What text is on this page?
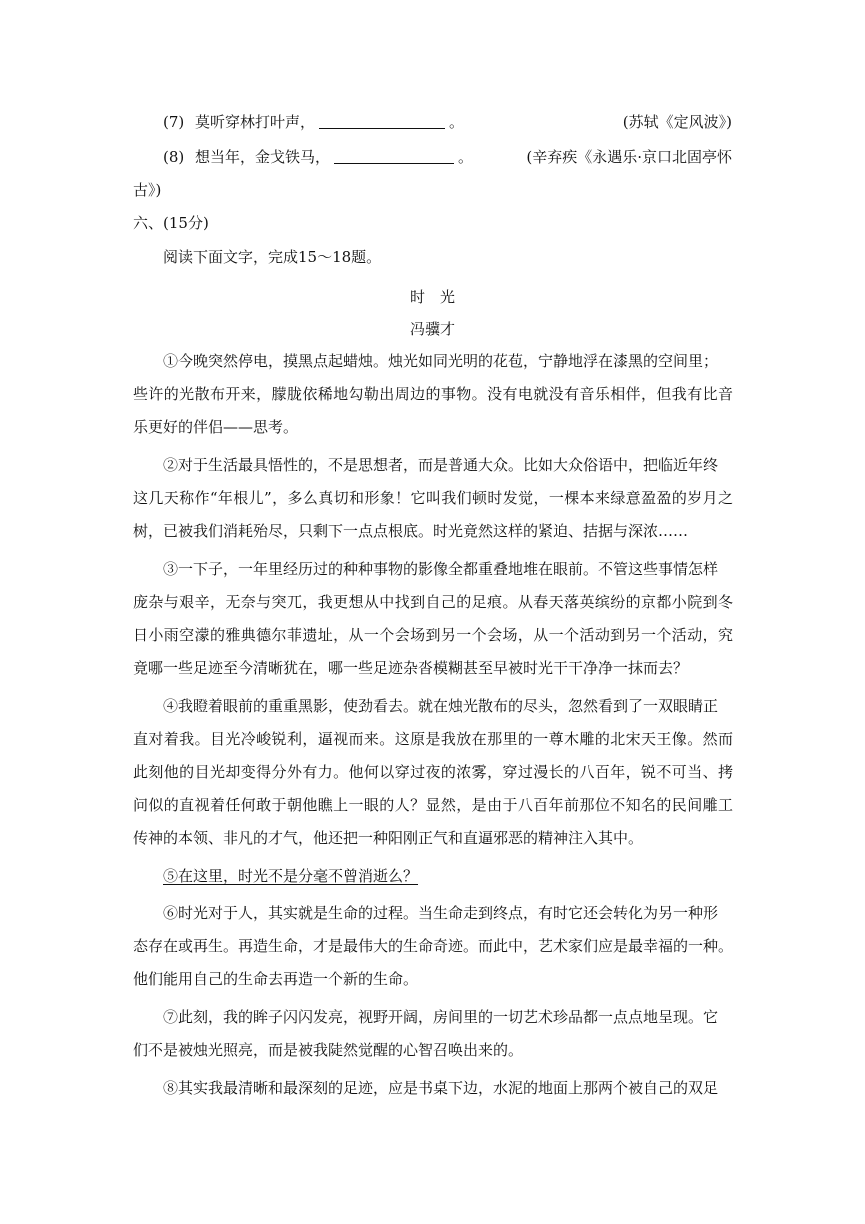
(7) 莫听穿林打叶声，	。	(苏轼《定风波》)
(8) 想当年，金戈铁马，	。	(辛弃疾《永遇乐·京口北固亭怀
古》)
六、(15分)
阅读下面文字，完成15～18题。
时　光
冯骥才
①今晚突然停电，摸黑点起蜡烛。烛光如同光明的花苞，宁静地浮在漆黑的空间里；
些许的光散布开来，朦胧依稀地勾勒出周边的事物。没有电就没有音乐相伴，但我有比音
乐更好的伴侣——思考。
②对于生活最具悟性的，不是思想者，而是普通大众。比如大众俗语中，把临近年终
这几天称作“年根儿”，多么真切和形象！它叫我们顿时发觉，一棵本来绿意盈盈的岁月之
树，已被我们消耗殆尽，只剩下一点点根底。时光竟然这样的紧迫、拮据与深浓……
③一下子，一年里经历过的种种事物的影像全都重叠地堆在眼前。不管这些事情怎样
庞杂与艰辛，无奈与突兀，我更想从中找到自己的足痕。从春天落英缤纷的京都小院到冬
日小雨空濛的雅典德尔菲遗址，从一个会场到另一个会场，从一个活动到另一个活动，究
竟哪一些足迹至今清晰犹在，哪一些足迹杂沓模糊甚至早被时光干干净净一抹而去？
④我瞪着眼前的重重黑影，使劲看去。就在烛光散布的尽头，忽然看到了一双眼睛正
直对着我。目光冷峻锐利，逼视而来。这原是我放在那里的一尊木雕的北宋天王像。然而
此刻他的目光却变得分外有力。他何以穿过夜的浓雾，穿过漫长的八百年，锐不可当、拷
问似的直视着任何敢于朝他瞧上一眼的人？显然，是由于八百年前那位不知名的民间雕工
传神的本领、非凡的才气，他还把一种阳刚正气和直逼邪恶的精神注入其中。
⑤在这里，时光不是分毫不曾消逝么？
⑥时光对于人，其实就是生命的过程。当生命走到终点，有时它还会转化为另一种形
态存在或再生。再造生命，才是最伟大的生命奇迹。而此中，艺术家们应是最幸福的一种。
他们能用自己的生命去再造一个新的生命。
⑦此刻，我的眸子闪闪发亮，视野开阔，房间里的一切艺术珍品都一点点地呈现。它
们不是被烛光照亮，而是被我陡然觉醒的心智召唤出来的。
⑧其实我最清晰和最深刻的足迹，应是书桌下边，水泥的地面上那两个被自己的双足
